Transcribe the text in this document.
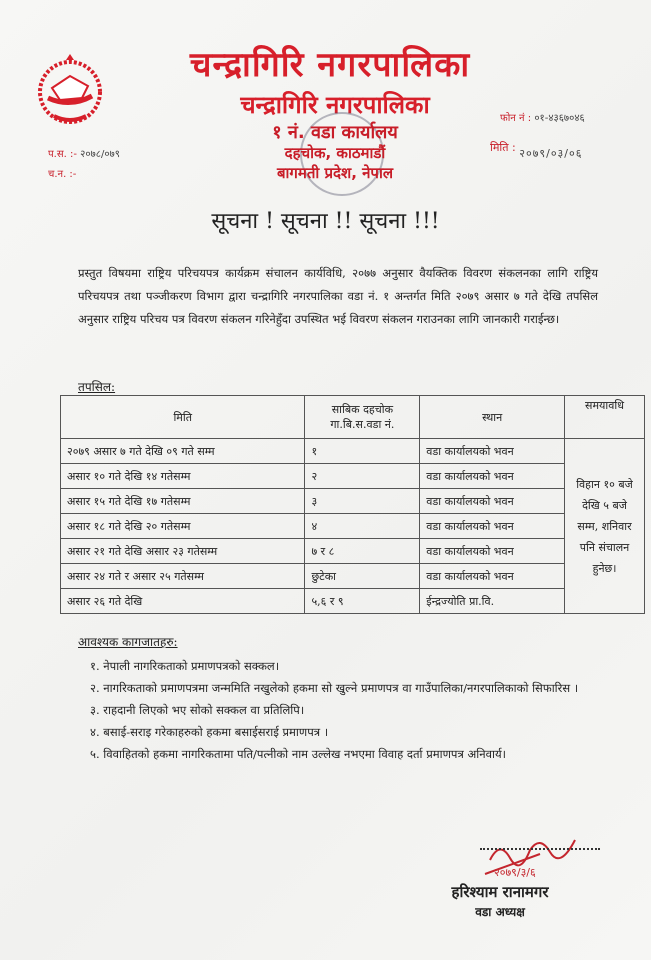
चन्द्रागिरि नगरपालिका
चन्द्रागिरि नगरपालिका
१ नं. वडा कार्यालय
दहचोक, काठमाडौं
बागमती प्रदेश, नेपाल
प.स. :- २०७८/०७९
च.न. :-
फोन नं : ०१-४३६७०४६
मिति : २०७९/०३/०६
सूचना ! सूचना !! सूचना !!!
प्रस्तुत विषयमा राष्ट्रिय परिचयपत्र कार्यक्रम संचालन कार्यविधि, २०७७ अनुसार वैयक्तिक विवरण संकलनका लागि राष्ट्रिय परिचयपत्र तथा पञ्जीकरण विभाग द्वारा चन्द्रागिरि नगरपालिका वडा नं. १ अन्तर्गत मिति २०७९ असार ७ गते देखि तपसिल अनुसार राष्ट्रिय परिचय पत्र विवरण संकलन गरिनेहुँदा उपस्थित भई विवरण संकलन गराउनका लागि जानकारी गराईन्छ।
तपसिल:
मिति	साबिक दहचोक गा.बि.स.वडा नं.	स्थान	समयावधि
२०७९ असार ७ गते देखि ०९ गते सम्म	१	वडा कार्यालयको भवन	विहान १० बजे देखि ५ बजे सम्म, शनिवार पनि संचालन हुनेछ।
असार १० गते देखि १४ गतेसम्म	२	वडा कार्यालयको भवन	
असार १५ गते देखि १७ गतेसम्म	३	वडा कार्यालयको भवन	
असार १८ गते देखि २० गतेसम्म	४	वडा कार्यालयको भवन	
असार २१ गते देखि असार २३ गतेसम्म	७ र ८	वडा कार्यालयको भवन	
असार २४ गते र असार २५ गतेसम्म	छुटेका	वडा कार्यालयको भवन	
असार २६ गते देखि	५,६ र ९	ईन्द्रज्योति प्रा.वि.	
आवश्यक कागजातहरु:
१. नेपाली नागरिकताको प्रमाणपत्रको सक्कल।
२. नागरिकताको प्रमाणपत्रमा जन्ममिति नखुलेको हकमा सो खुल्ने प्रमाणपत्र वा गाउँपालिका/नगरपालिकाको सिफारिस ।
३. राहदानी लिएको भए सोको सक्कल वा प्रतिलिपि।
४. बसाई-सराइ गरेकाहरुको हकमा बसाईसराई प्रमाणपत्र ।
५. विवाहितको हकमा नागरिकतामा पति/पत्नीको नाम उल्लेख नभएमा विवाह दर्ता प्रमाणपत्र अनिवार्य।
२०७९/३/६
हरिश्याम रानामगर
वडा अध्यक्ष
